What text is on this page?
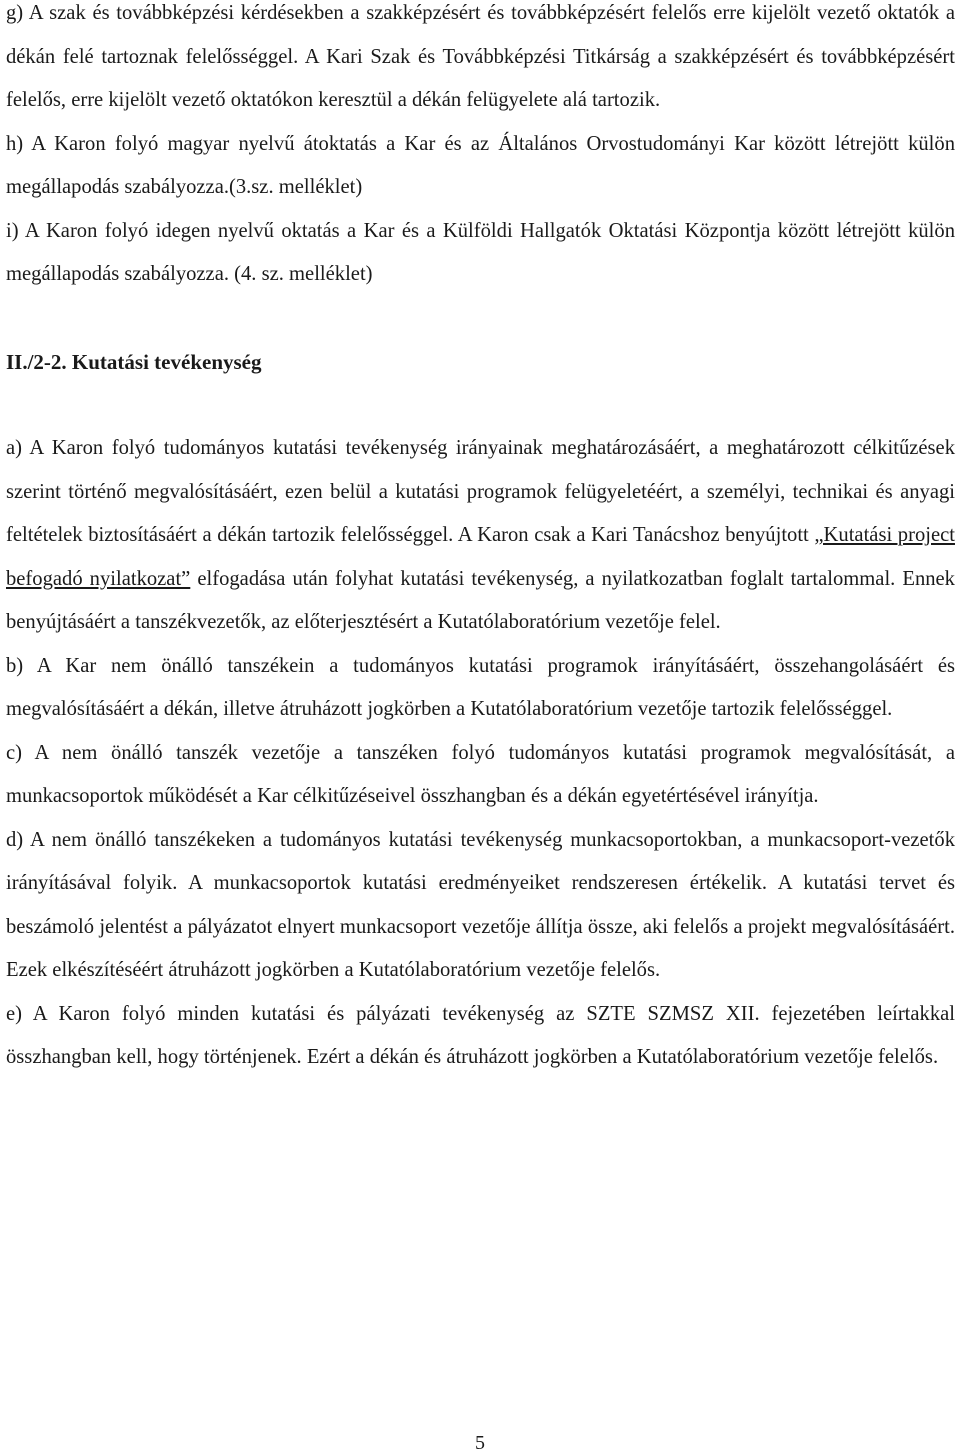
g) A szak és továbbképzési kérdésekben a szakképzésért és továbbképzésért felelős erre kijelölt vezető oktatók a dékán felé tartoznak felelősséggel. A Kari Szak és Továbbképzési Titkárság a szakképzésért és továbbképzésért felelős, erre kijelölt vezető oktatókon keresztül a dékán felügyelete alá tartozik.

h) A Karon folyó magyar nyelvű átoktatás a Kar és az Általános Orvostudományi Kar között létrejött külön megállapodás szabályozza.(3.sz. melléklet)

i) A Karon folyó idegen nyelvű oktatás a Kar és a Külföldi Hallgatók Oktatási Központja között létrejött külön megállapodás szabályozza. (4. sz. melléklet)

II./2-2. Kutatási tevékenység

a) A Karon folyó tudományos kutatási tevékenység irányainak meghatározásáért, a meghatározott célkitűzések szerint történő megvalósításáért, ezen belül a kutatási programok felügyeletéért, a személyi, technikai és anyagi feltételek biztosításáért a dékán tartozik felelősséggel. A Karon csak a Kari Tanácshoz benyújtott „Kutatási project befogadó nyilatkozat” elfogadása után folyhat kutatási tevékenység, a nyilatkozatban foglalt tartalommal. Ennek benyújtásáért a tanszékvezetők, az előterjesztésért a Kutatólaboratórium vezetője felel.

b) A Kar nem önálló tanszékein a tudományos kutatási programok irányításáért, összehangolásáért és megvalósításáért a dékán, illetve átruházott jogkörben a Kutatólaboratórium vezetője tartozik felelősséggel.

c) A nem önálló tanszék vezetője a tanszéken folyó tudományos kutatási programok megvalósítását, a munkacsoportok működését a Kar célkitűzéseivel összhangban és a dékán egyetértésével irányítja.

d) A nem önálló tanszékeken a tudományos kutatási tevékenység munkacsoportokban, a munkacsoport-vezetők irányításával folyik. A munkacsoportok kutatási eredményeiket rendszeresen értékelik. A kutatási tervet és beszámoló jelentést a pályázatot elnyert munkacsoport vezetője állítja össze, aki felelős a projekt megvalósításáért. Ezek elkészítéséért átruházott jogkörben a Kutatólaboratórium vezetője felelős.

e) A Karon folyó minden kutatási és pályázati tevékenység az SZTE SZMSZ XII. fejezetében leírtakkal összhangban kell, hogy történjenek. Ezért a dékán és átruházott jogkörben a Kutatólaboratórium vezetője felelős.

5
